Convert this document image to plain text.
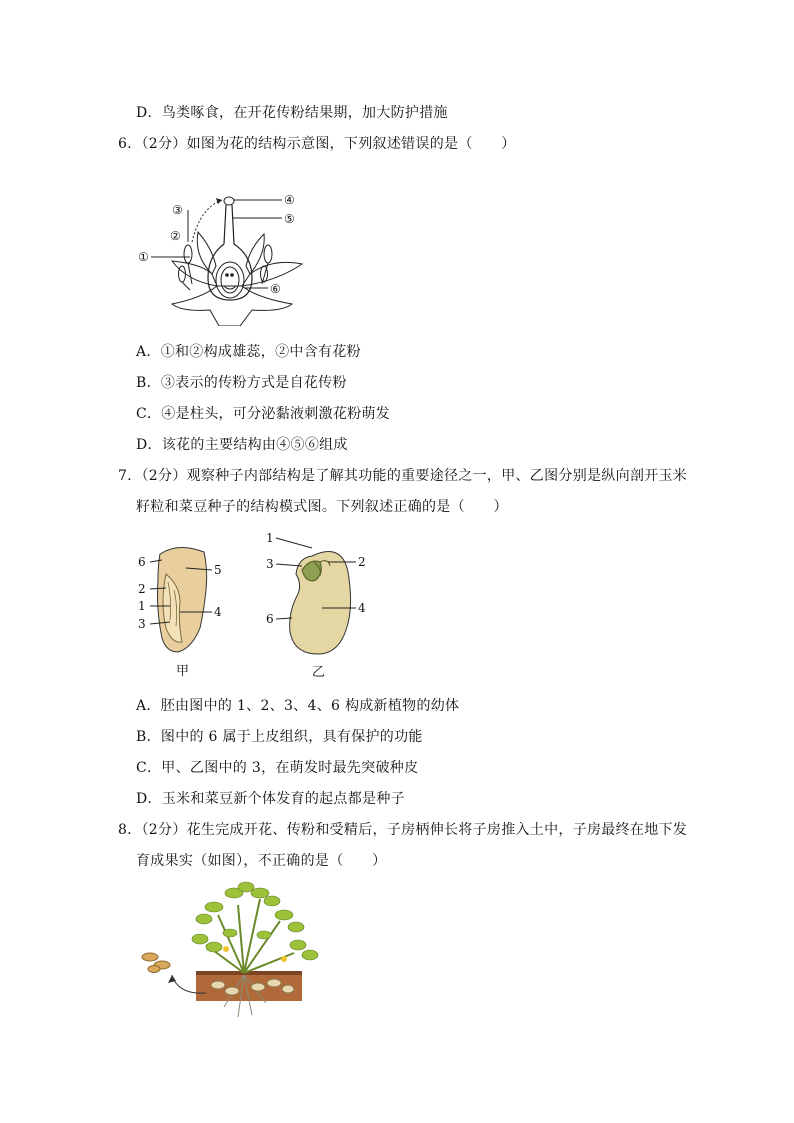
D．鸟类啄食，在开花传粉结果期，加大防护措施
6．（2分）如图为花的结构示意图，下列叙述错误的是（　　）
①
②
③
④
⑤
⑥
A．①和②构成雄蕊，②中含有花粉
B．③表示的传粉方式是自花传粉
C．④是柱头，可分泌黏液刺激花粉萌发
D．该花的主要结构由④⑤⑥组成
7．（2分）观察种子内部结构是了解其功能的重要途径之一，甲、乙图分别是纵向剖开玉米
籽粒和菜豆种子的结构模式图。下列叙述正确的是（　　）
6
2
1
3
5
4
甲
1
3
6
2
4
乙
A．胚由图中的 1、2、3、4、6 构成新植物的幼体
B．图中的 6 属于上皮组织，具有保护的功能
C．甲、乙图中的 3，在萌发时最先突破种皮
D．玉米和菜豆新个体发育的起点都是种子
8．（2分）花生完成开花、传粉和受精后，子房柄伸长将子房推入土中，子房最终在地下发
育成果实（如图），不正确的是（　　）
